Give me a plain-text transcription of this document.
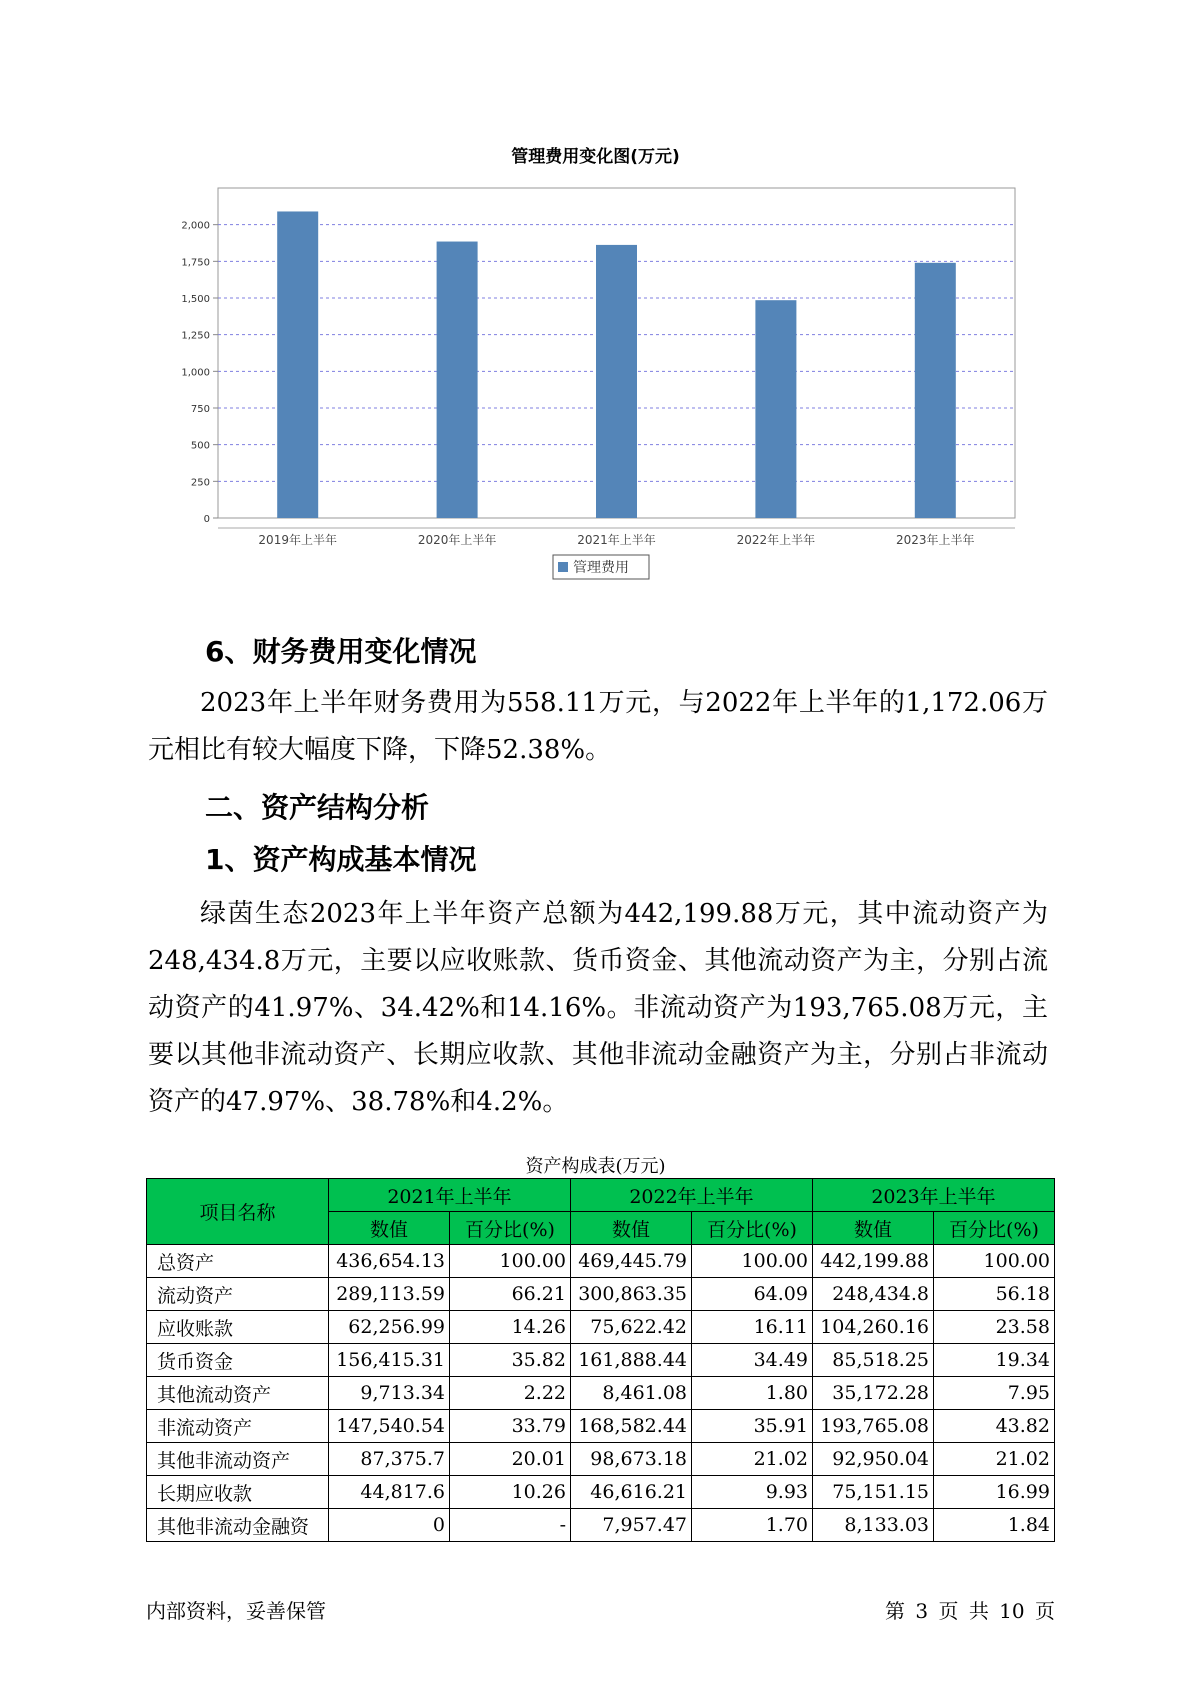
管理费用变化图(万元)
2,000
1,750
1,500
1,250
1,000
750
500
250
0
2019年上半年	2020年上半年	2021年上半年	2022年上半年	2023年上半年
管理费用
6、财务费用变化情况

2023年上半年财务费用为558.11万元，与2022年上半年的1,172.06万元相比有较大幅度下降，下降52.38%。

二、资产结构分析
1、资产构成基本情况

绿茵生态2023年上半年资产总额为442,199.88万元，其中流动资产为248,434.8万元，主要以应收账款、货币资金、其他流动资产为主，分别占流动资产的41.97%、34.42%和14.16%。非流动资产为193,765.08万元，主要以其他非流动资产、长期应收款、其他非流动金融资产为主，分别占非流动资产的47.97%、38.78%和4.2%。

资产构成表(万元)
项目名称	2021年上半年		2022年上半年		2023年上半年	
	数值	百分比(%)	数值	百分比(%)	数值	百分比(%)
总资产	436,654.13	100.00	469,445.79	100.00	442,199.88	100.00
流动资产	289,113.59	66.21	300,863.35	64.09	248,434.8	56.18
应收账款	62,256.99	14.26	75,622.42	16.11	104,260.16	23.58
货币资金	156,415.31	35.82	161,888.44	34.49	85,518.25	19.34
其他流动资产	9,713.34	2.22	8,461.08	1.80	35,172.28	7.95
非流动资产	147,540.54	33.79	168,582.44	35.91	193,765.08	43.82
其他非流动资产	87,375.7	20.01	98,673.18	21.02	92,950.04	21.02
长期应收款	44,817.6	10.26	46,616.21	9.93	75,151.15	16.99
其他非流动金融资	0	-	7,957.47	1.70	8,133.03	1.84
内部资料，妥善保管	第 3 页 共 10 页
